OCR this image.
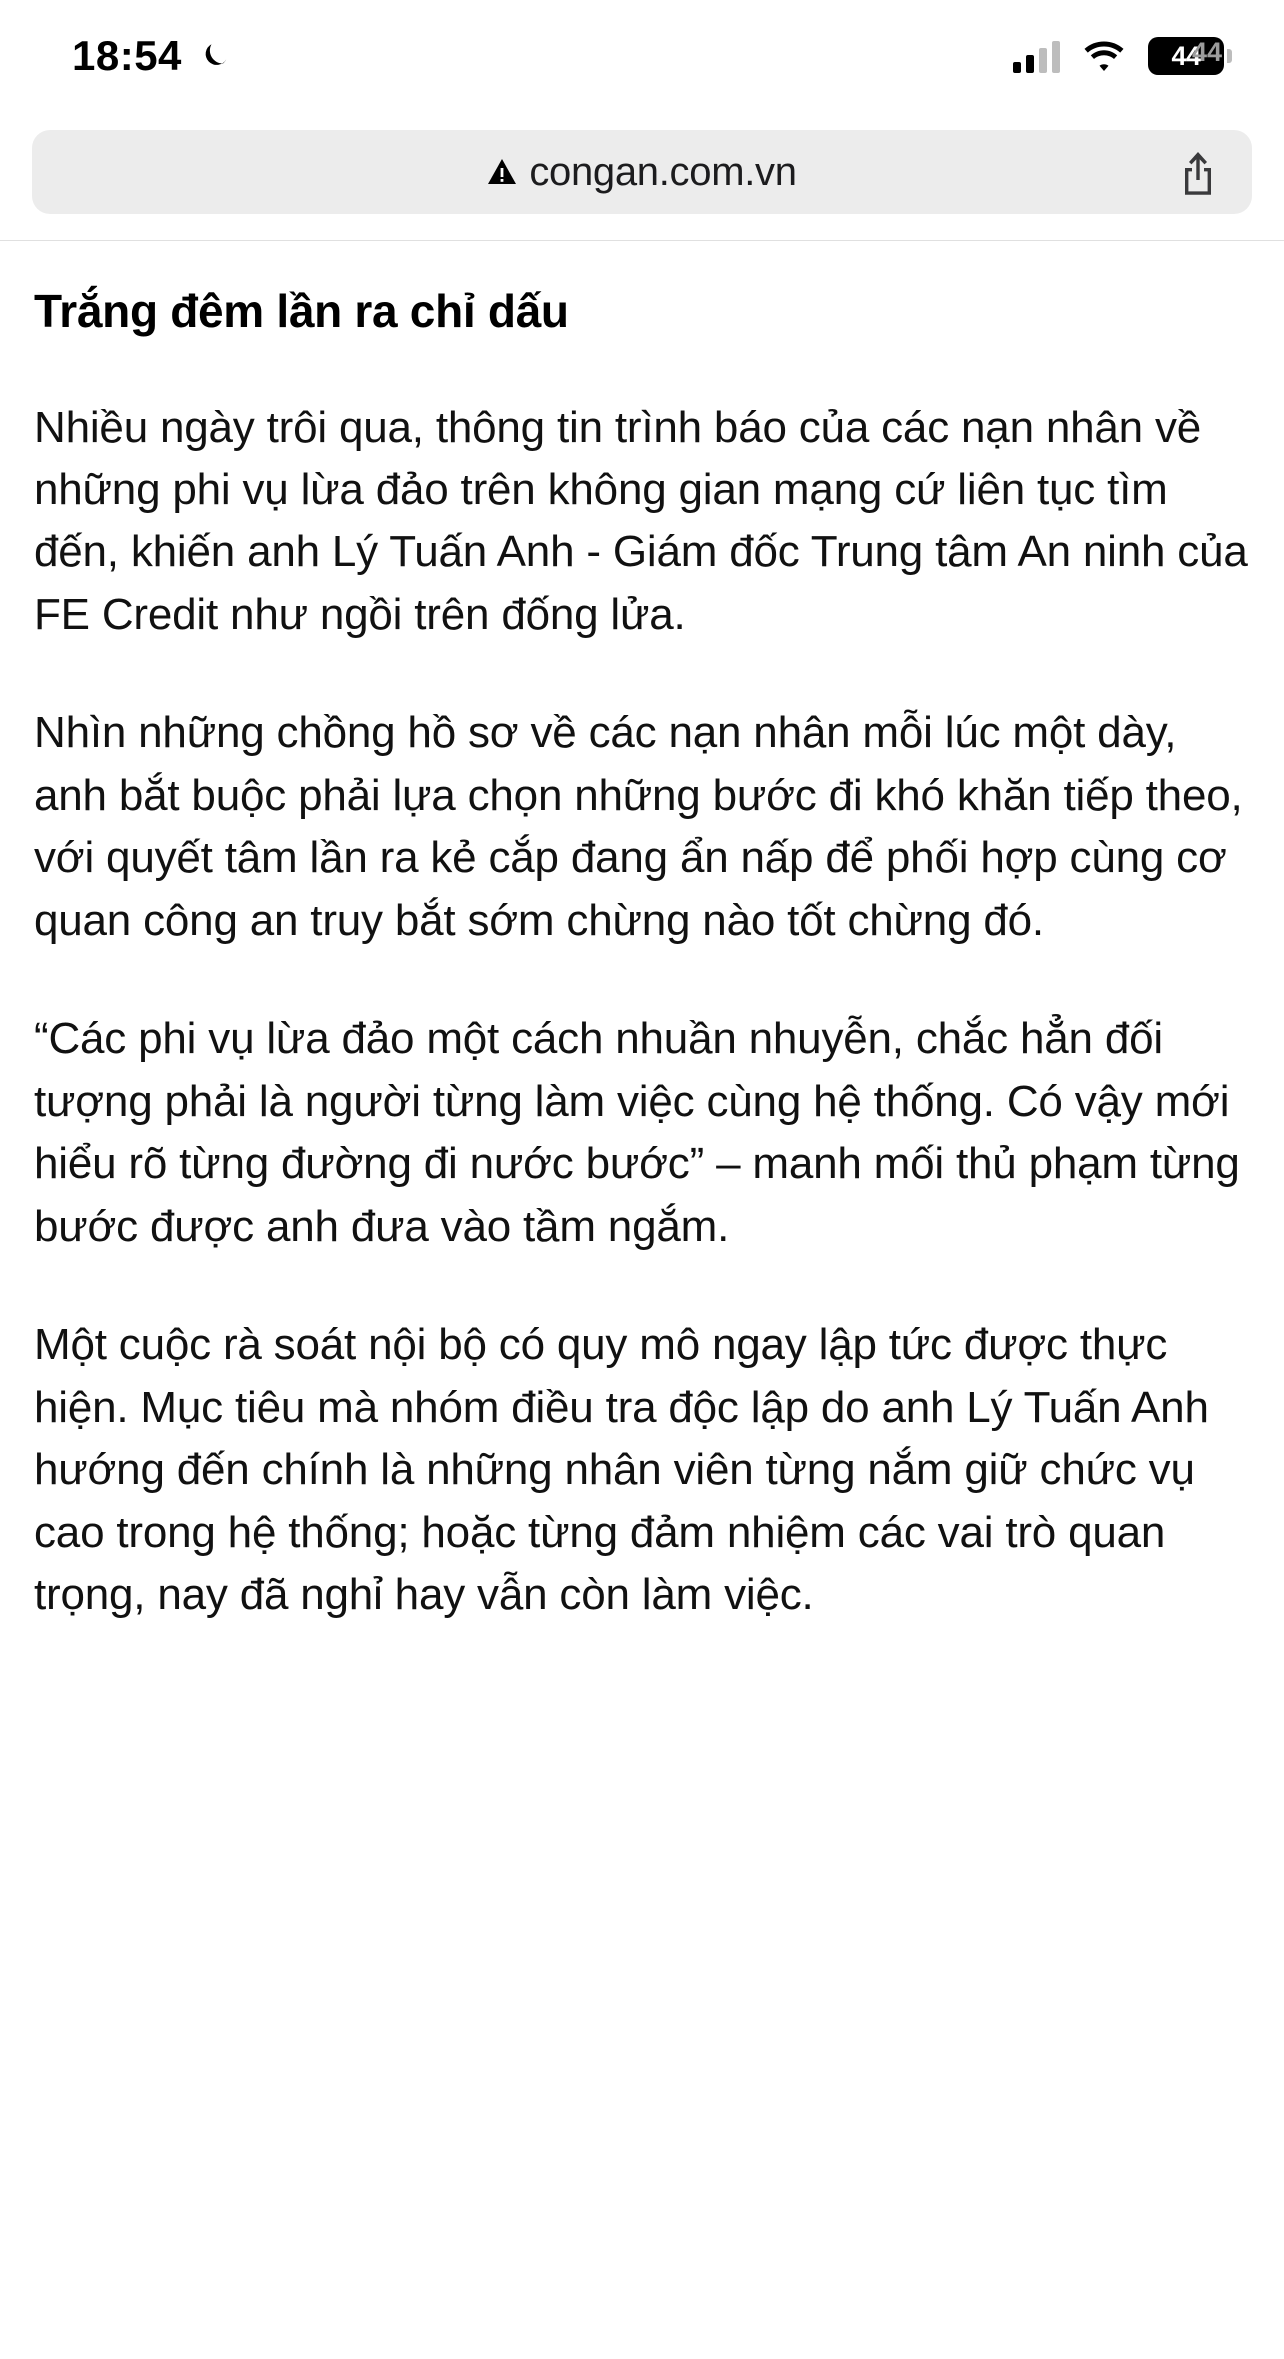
18:54	44
44
congan.com.vn
Trắng đêm lần ra chỉ dấu

Nhiều ngày trôi qua, thông tin trình báo của các nạn nhân về những phi vụ lừa đảo trên không gian mạng cứ liên tục tìm đến, khiến anh Lý Tuấn Anh - Giám đốc Trung tâm An ninh của FE Credit như ngồi trên đống lửa.

Nhìn những chồng hồ sơ về các nạn nhân mỗi lúc một dày, anh bắt buộc phải lựa chọn những bước đi khó khăn tiếp theo, với quyết tâm lần ra kẻ cắp đang ẩn nấp để phối hợp cùng cơ quan công an truy bắt sớm chừng nào tốt chừng đó.

“Các phi vụ lừa đảo một cách nhuần nhuyễn, chắc hẳn đối tượng phải là người từng làm việc cùng hệ thống. Có vậy mới hiểu rõ từng đường đi nước bước” – manh mối thủ phạm từng bước được anh đưa vào tầm ngắm.

Một cuộc rà soát nội bộ có quy mô ngay lập tức được thực hiện. Mục tiêu mà nhóm điều tra độc lập do anh Lý Tuấn Anh hướng đến chính là những nhân viên từng nắm giữ chức vụ cao trong hệ thống; hoặc từng đảm nhiệm các vai trò quan trọng, nay đã nghỉ hay vẫn còn làm việc.
